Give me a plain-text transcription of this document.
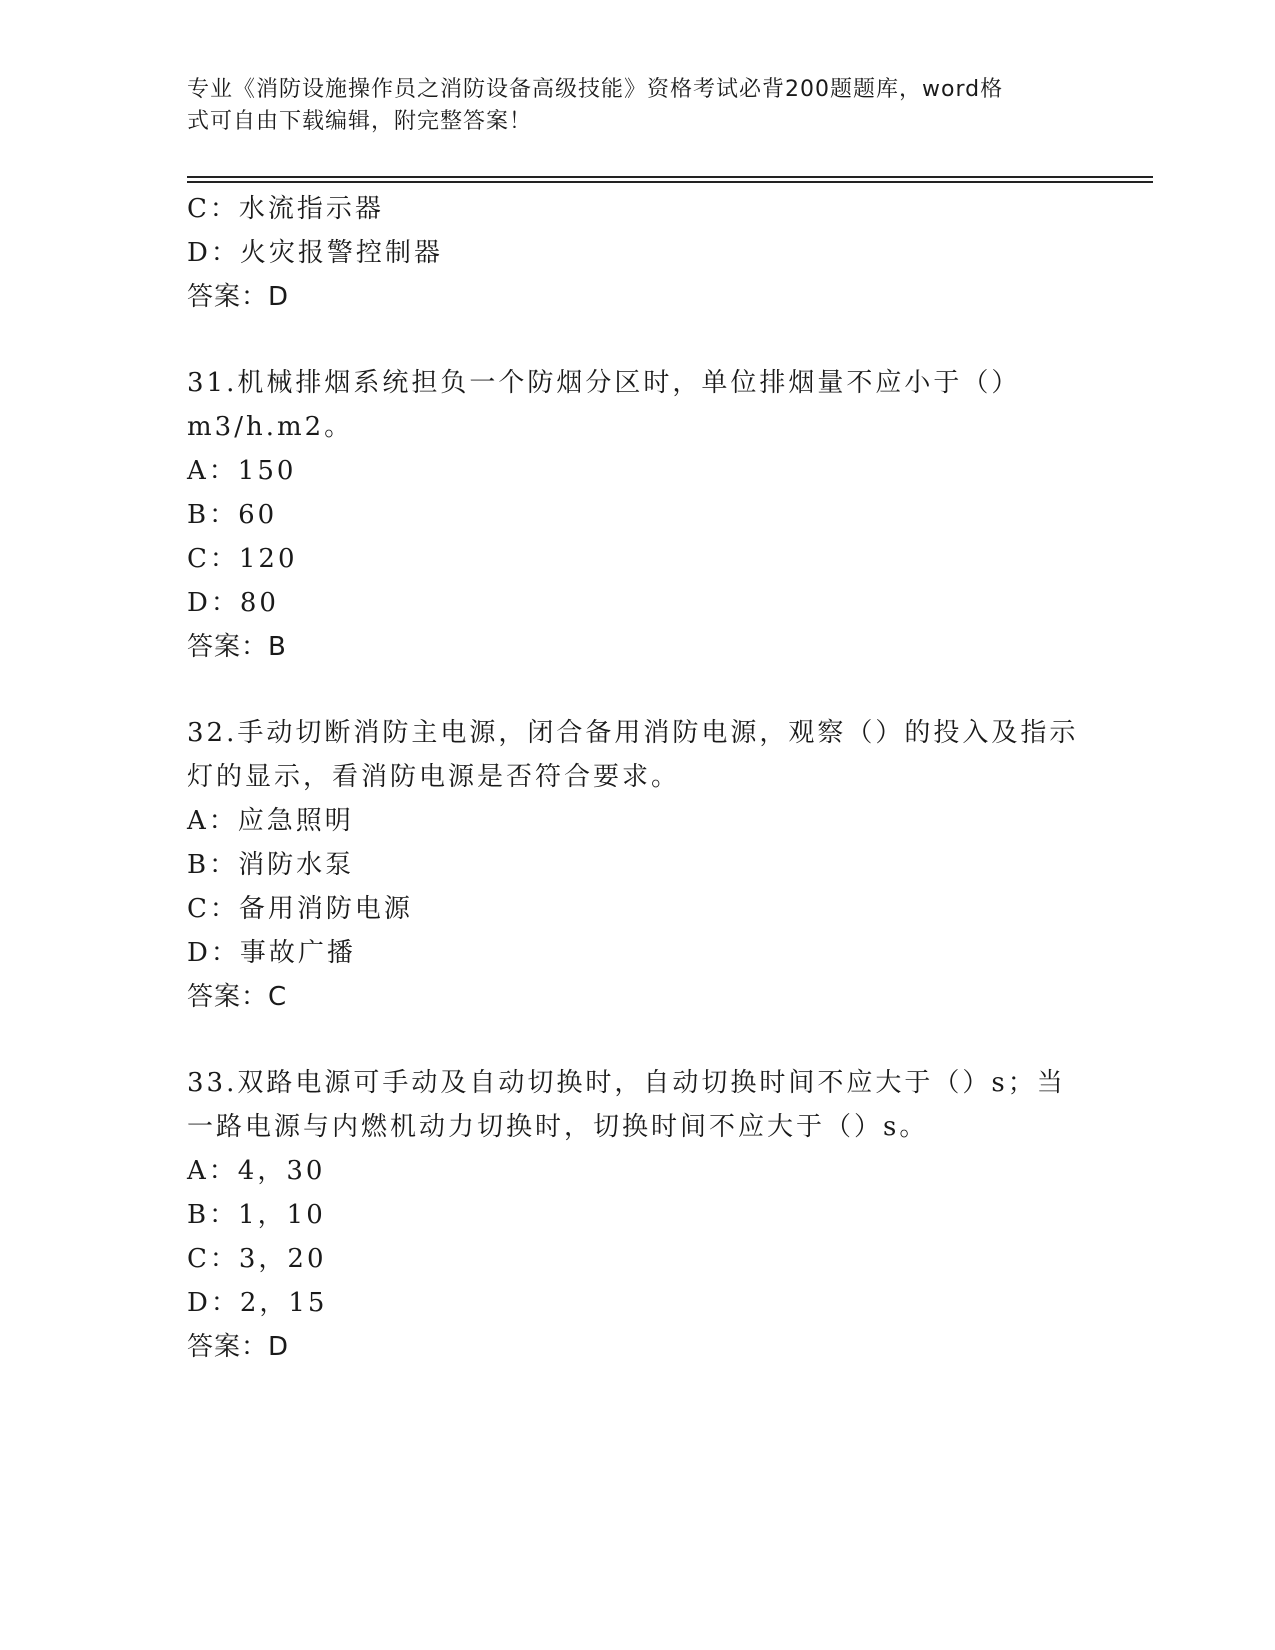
专业《消防设施操作员之消防设备高级技能》资格考试必背200题题库，word格
式可自由下载编辑，附完整答案！
C：水流指示器
D：火灾报警控制器
答案：D
31.机械排烟系统担负一个防烟分区时，单位排烟量不应小于（）
m3/h.m2。
A：150
B：60
C：120
D：80
答案：B
32.手动切断消防主电源，闭合备用消防电源，观察（）的投入及指示
灯的显示，看消防电源是否符合要求。
A：应急照明
B：消防水泵
C：备用消防电源
D：事故广播
答案：C
33.双路电源可手动及自动切换时，自动切换时间不应大于（）s；当
一路电源与内燃机动力切换时，切换时间不应大于（）s。
A：4，30
B：1，10
C：3，20
D：2，15
答案：D
